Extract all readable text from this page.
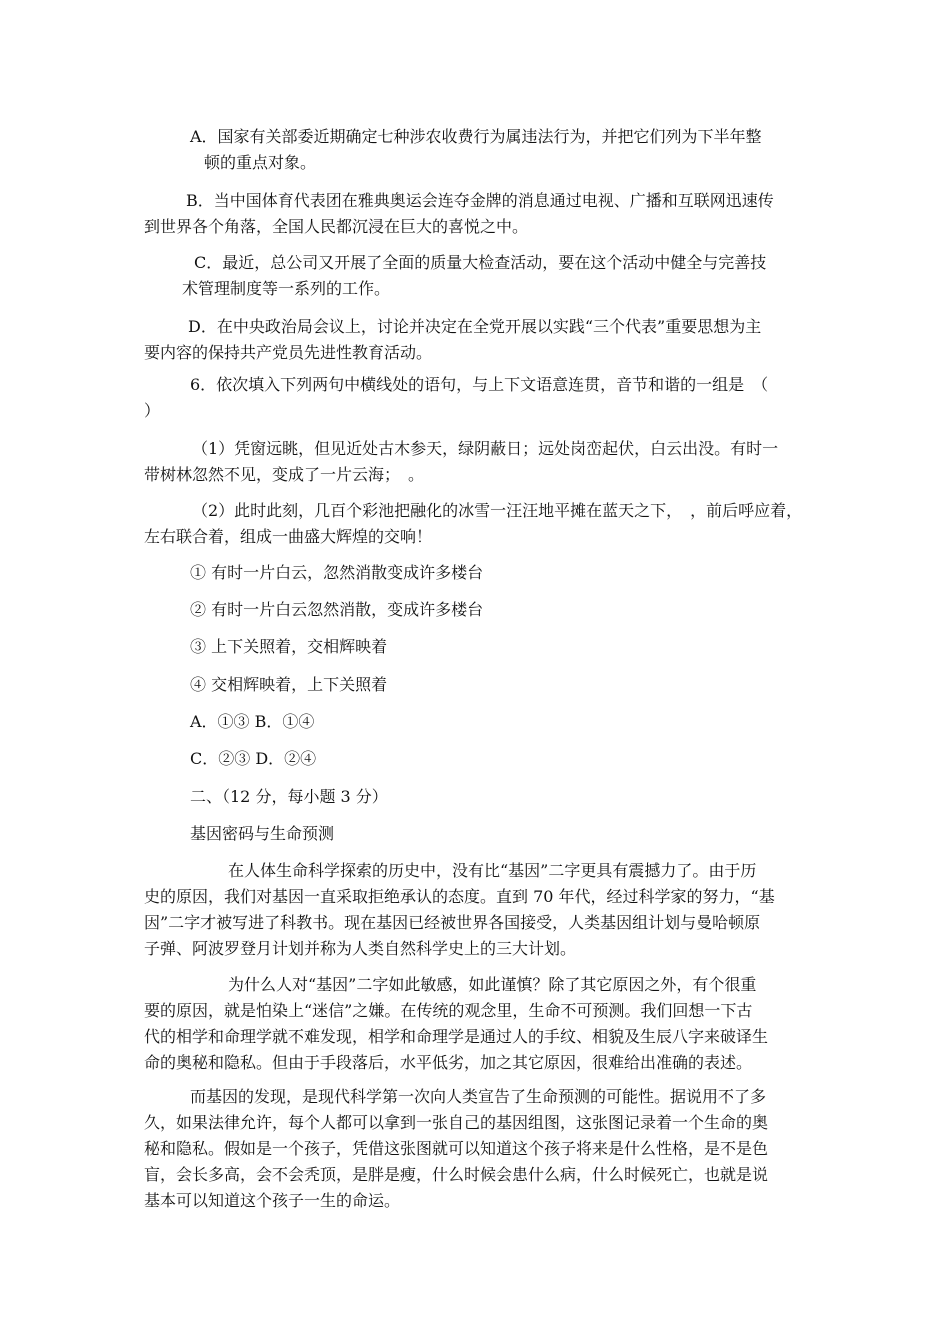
A．国家有关部委近期确定七种涉农收费行为属违法行为，并把它们列为下半年整

顿的重点对象。

B．当中国体育代表团在雅典奥运会连夺金牌的消息通过电视、广播和互联网迅速传

到世界各个角落，全国人民都沉浸在巨大的喜悦之中。

C．最近，总公司又开展了全面的质量大检查活动，要在这个活动中健全与完善技

术管理制度等一系列的工作。

D．在中央政治局会议上，讨论并决定在全党开展以实践“三个代表”重要思想为主

要内容的保持共产党员先进性教育活动。

6．依次填入下列两句中横线处的语句，与上下文语意连贯，音节和谐的一组是　（

）

（1）凭窗远眺，但见近处古木参天，绿阴蔽日；远处岗峦起伏，白云出没。有时一

带树林忽然不见，变成了一片云海；　。

（2）此时此刻，几百个彩池把融化的冰雪一汪汪地平摊在蓝天之下，　，前后呼应着，

左右联合着，组成一曲盛大辉煌的交响！

① 有时一片白云，忽然消散变成许多楼台
② 有时一片白云忽然消散，变成许多楼台
③ 上下关照着，交相辉映着
④ 交相辉映着，上下关照着
A．①③ B．①④
C．②③ D．②④
二、（12 分，每小题 3 分）
基因密码与生命预测

在人体生命科学探索的历史中，没有比“基因”二字更具有震撼力了。由于历

史的原因，我们对基因一直采取拒绝承认的态度。直到 70 年代，经过科学家的努力，“基

因”二字才被写进了科教书。现在基因已经被世界各国接受，人类基因组计划与曼哈顿原

子弹、阿波罗登月计划并称为人类自然科学史上的三大计划。

为什么人对“基因”二字如此敏感，如此谨慎？除了其它原因之外，有个很重

要的原因，就是怕染上“迷信”之嫌。在传统的观念里，生命不可预测。我们回想一下古

代的相学和命理学就不难发现，相学和命理学是通过人的手纹、相貌及生辰八字来破译生

命的奥秘和隐私。但由于手段落后，水平低劣，加之其它原因，很难给出准确的表述。

而基因的发现，是现代科学第一次向人类宣告了生命预测的可能性。据说用不了多

久，如果法律允许，每个人都可以拿到一张自己的基因组图，这张图记录着一个生命的奥

秘和隐私。假如是一个孩子，凭借这张图就可以知道这个孩子将来是什么性格，是不是色

盲，会长多高，会不会秃顶，是胖是瘦，什么时候会患什么病，什么时候死亡，也就是说

基本可以知道这个孩子一生的命运。
